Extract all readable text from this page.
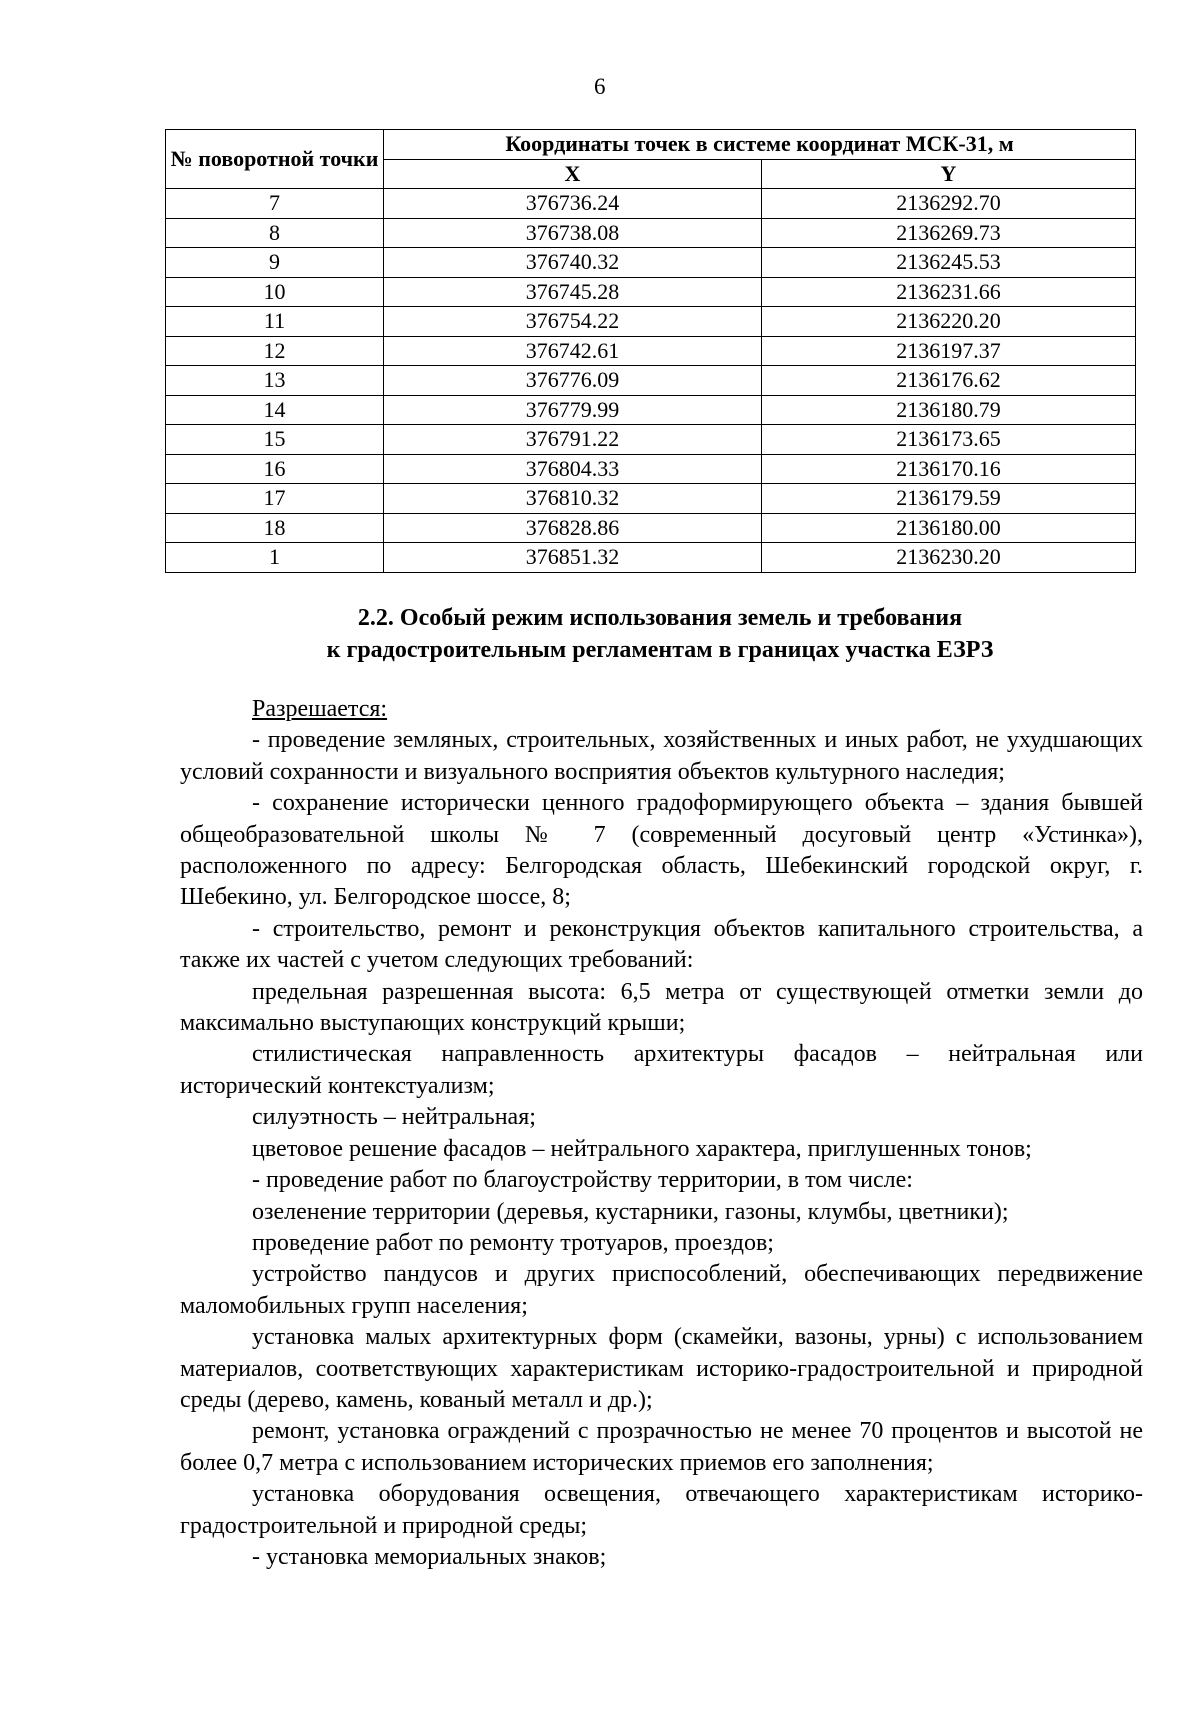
6
№ поворотной точки	Координаты точек в системе координат МСК-31, м	
	X	Y
7	376736.24	2136292.70
8	376738.08	2136269.73
9	376740.32	2136245.53
10	376745.28	2136231.66
11	376754.22	2136220.20
12	376742.61	2136197.37
13	376776.09	2136176.62
14	376779.99	2136180.79
15	376791.22	2136173.65
16	376804.33	2136170.16
17	376810.32	2136179.59
18	376828.86	2136180.00
1	376851.32	2136230.20
2.2. Особый режим использования земель и требования
к градостроительным регламентам в границах участка ЕЗРЗ

Разрешается:

- проведение земляных, строительных, хозяйственных и иных работ, не ухудшающих условий сохранности и визуального восприятия объектов культурного наследия;

- сохранение исторически ценного градоформирующего объекта – здания бывшей общеобразовательной школы № 7 (современный досуговый центр «Устинка»), расположенного по адресу: Белгородская область, Шебекинский городской округ, г. Шебекино, ул. Белгородское шоссе, 8;

- строительство, ремонт и реконструкция объектов капитального строительства, а также их частей с учетом следующих требований:

предельная разрешенная высота: 6,5 метра от существующей отметки земли до максимально выступающих конструкций крыши;

стилистическая направленность архитектуры фасадов – нейтральная или исторический контекстуализм;

силуэтность – нейтральная;

цветовое решение фасадов – нейтрального характера, приглушенных тонов;

- проведение работ по благоустройству территории, в том числе:

озеленение территории (деревья, кустарники, газоны, клумбы, цветники);

проведение работ по ремонту тротуаров, проездов;

устройство пандусов и других приспособлений, обеспечивающих передвижение маломобильных групп населения;

установка малых архитектурных форм (скамейки, вазоны, урны) с использованием материалов, соответствующих характеристикам историко-градостроительной и природной среды (дерево, камень, кованый металл и др.);

ремонт, установка ограждений с прозрачностью не менее 70 процентов и высотой не более 0,7 метра с использованием исторических приемов его заполнения;

установка оборудования освещения, отвечающего характеристикам историко-градостроительной и природной среды;

- установка мемориальных знаков;
